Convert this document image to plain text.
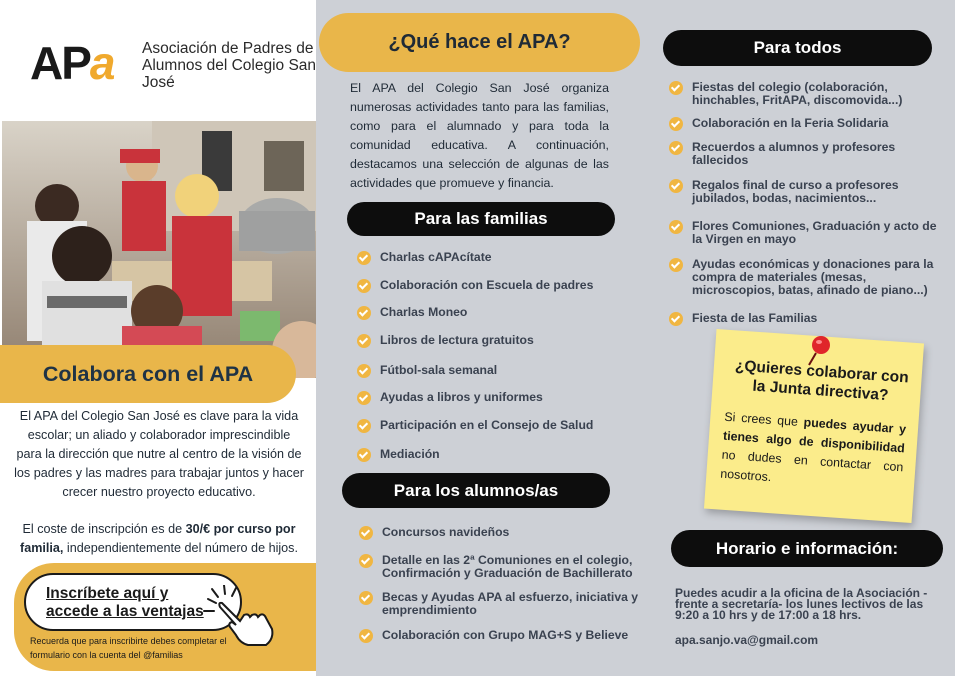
APa Asociación de Padres de Alumnos del Colegio San José
Colabora con el APA

El APA del Colegio San José es clave para la vida escolar; un aliado y colaborador imprescindible para la dirección que nutre al centro de la visión de los padres y las madres para trabajar juntos y hacer crecer nuestro proyecto educativo.

El coste de inscripción es de 30/€ por curso por familia, independientemente del número de hijos.

Inscríbete aquí y accede a las ventajas

Recuerda que para inscribirte debes completar el formulario con la cuenta del @familias

¿Qué hace el APA?

El APA del Colegio San José organiza numerosas actividades tanto para las familias, como para el alumnado y para toda la comunidad educativa. A continuación, destacamos una selección de algunas de las actividades que promueve y financia.

Para las familias
Charlas cAPAcítate
Colaboración con Escuela de padres
Charlas Moneo
Libros de lectura gratuitos
Fútbol-sala semanal
Ayudas a libros y uniformes
Participación en el Consejo de Salud
Mediación
Para los alumnos/as
Concursos navideños
Detalle en las 2ª Comuniones en el colegio, Confirmación y Graduación de Bachillerato
Becas y Ayudas APA al esfuerzo, iniciativa y emprendimiento
Colaboración con Grupo MAG+S y Believe
Para todos
Fiestas del colegio (colaboración, hinchables, FritAPA, discomovida...)
Colaboración en la Feria Solidaria
Recuerdos a alumnos y profesores fallecidos
Regalos final de curso a profesores jubilados, bodas, nacimientos...
Flores Comuniones, Graduación y acto de la Virgen en mayo
Ayudas económicas y donaciones para la compra de materiales (mesas, microscopios, batas, afinado de piano...)
Fiesta de las Familias

¿Quieres colaborar con la Junta directiva?

Si crees que puedes ayudar y tienes algo de disponibilidad no dudes en contactar con nosotros.

Horario e información:

Puedes acudir a la oficina de la Asociación -frente a secretaría- los lunes lectivos de las 9:20 a 10 hrs y de 17:00 a 18 hrs.

apa.sanjo.va@gmail.com
